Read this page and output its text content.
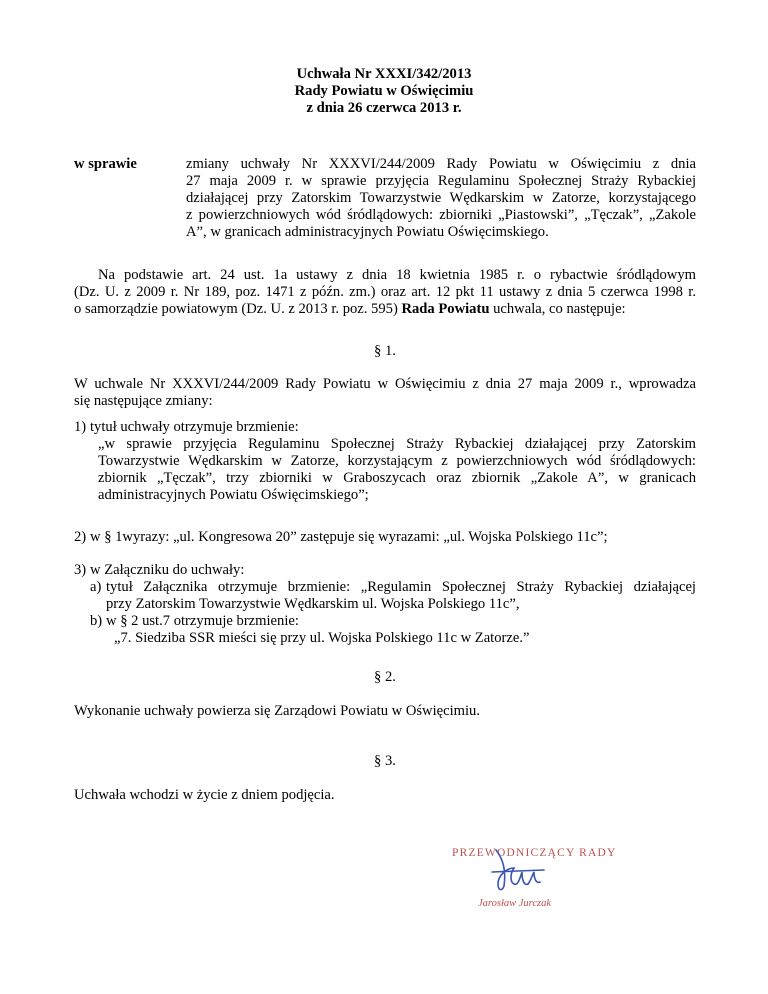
Uchwała Nr XXXI/342/2013
Rady Powiatu w Oświęcimiu
z dnia 26 czerwca 2013 r.
w sprawie	zmiany uchwały Nr XXXVI/244/2009 Rady Powiatu w Oświęcimiu z dnia
27 maja 2009 r. w sprawie przyjęcia Regulaminu Społecznej Straży Rybackiej
działającej przy Zatorskim Towarzystwie Wędkarskim w Zatorze, korzystającego
z powierzchniowych wód śródlądowych: zbiorniki „Piastowski”, „Tęczak”, „Zakole
A”, w granicach administracyjnych Powiatu Oświęcimskiego.
Na podstawie art. 24 ust. 1a ustawy z dnia 18 kwietnia 1985 r. o rybactwie śródlądowym
(Dz. U. z 2009 r. Nr 189, poz. 1471 z późn. zm.) oraz art. 12 pkt 11 ustawy z dnia 5 czerwca 1998 r.
o samorządzie powiatowym (Dz. U. z 2013 r. poz. 595) Rada Powiatu uchwala, co następuje:
§ 1.
W uchwale Nr XXXVI/244/2009 Rady Powiatu w Oświęcimiu z dnia 27 maja 2009 r., wprowadza
się następujące zmiany:
1) tytuł uchwały otrzymuje brzmienie:
„w sprawie przyjęcia Regulaminu Społecznej Straży Rybackiej działającej przy Zatorskim
Towarzystwie Wędkarskim w Zatorze, korzystającym z powierzchniowych wód śródlądowych:
zbiornik „Tęczak”, trzy zbiorniki w Graboszycach oraz zbiornik „Zakole A”, w granicach
administracyjnych Powiatu Oświęcimskiego”;
2) w § 1wyrazy: „ul. Kongresowa 20” zastępuje się wyrazami: „ul. Wojska Polskiego 11c”;
3) w Załączniku do uchwały:
a) tytuł Załącznika otrzymuje brzmienie: „Regulamin Społecznej Straży Rybackiej działającej
przy Zatorskim Towarzystwie Wędkarskim ul. Wojska Polskiego 11c”,
b) w § 2 ust.7 otrzymuje brzmienie:
„7. Siedziba SSR mieści się przy ul. Wojska Polskiego 11c w Zatorze.”
§ 2.
Wykonanie uchwały powierza się Zarządowi Powiatu w Oświęcimiu.
§ 3.
Uchwała wchodzi w życie z dniem podjęcia.
PRZEWODNICZĄCY RADY
Jarosław Jurczak
